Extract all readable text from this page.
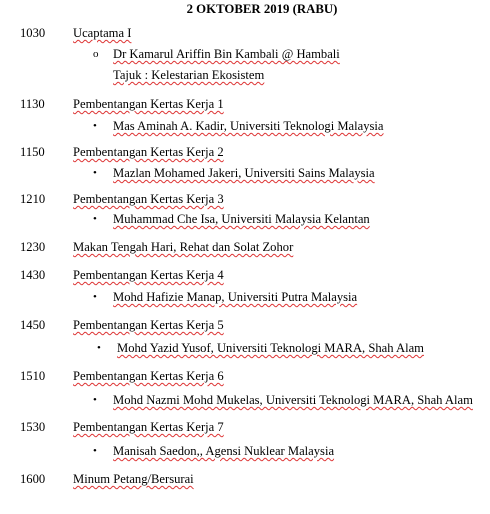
2 OKTOBER 2019 (RABU)
1030 Ucaptama I
o Dr Kamarul Ariffin Bin Kambali @ Hambali
Tajuk : Kelestarian Ekosistem
1130 Pembentangan Kertas Kerja 1
• Mas Aminah A. Kadir, Universiti Teknologi Malaysia
1150 Pembentangan Kertas Kerja 2
• Mazlan Mohamed Jakeri, Universiti Sains Malaysia
1210 Pembentangan Kertas Kerja 3
• Muhammad Che Isa, Universiti Malaysia Kelantan
1230 Makan Tengah Hari, Rehat dan Solat Zohor
1430 Pembentangan Kertas Kerja 4
• Mohd Hafizie Manap, Universiti Putra Malaysia
1450 Pembentangan Kertas Kerja 5
• Mohd Yazid Yusof, Universiti Teknologi MARA, Shah Alam
1510 Pembentangan Kertas Kerja 6
• Mohd Nazmi Mohd Mukelas, Universiti Teknologi MARA, Shah Alam
1530 Pembentangan Kertas Kerja 7
• Manisah Saedon,, Agensi Nuklear Malaysia
1600 Minum Petang/Bersurai
